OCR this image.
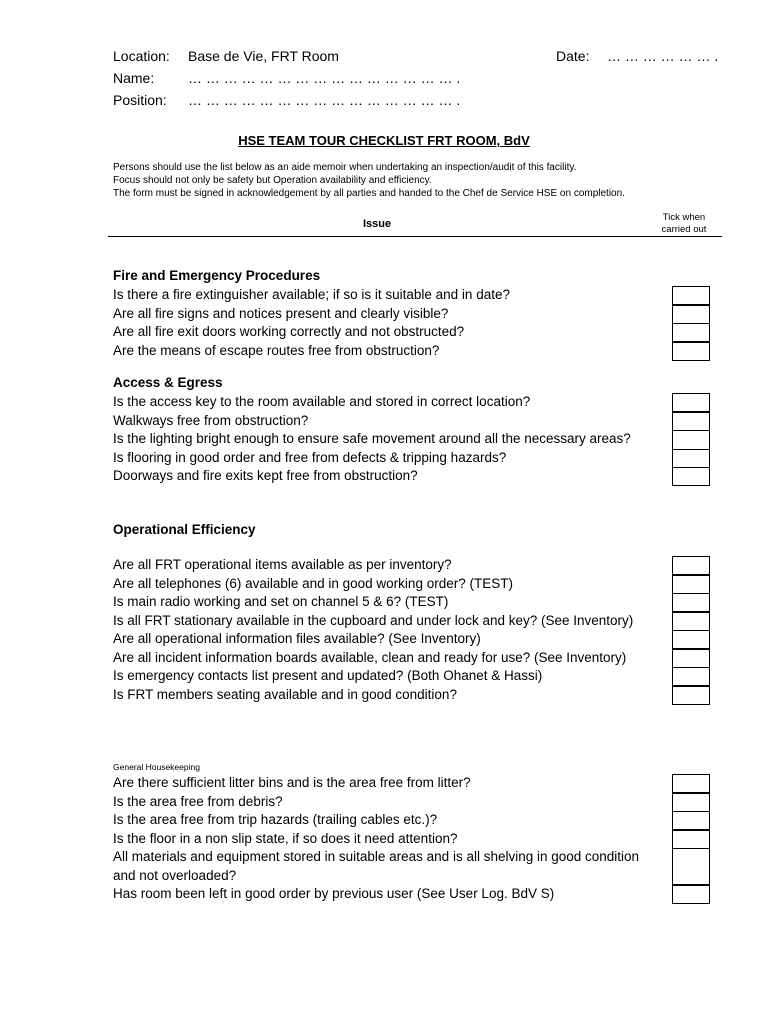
Location: Base de Vie, FRT Room	Date: … … … … … … .
Name: … … … … … … … … … … … … … … … .
Position: … … … … … … … … … … … … … … … .
HSE TEAM TOUR CHECKLIST FRT ROOM, BdV
Persons should use the list below as an aide memoir when undertaking an inspection/audit of this facility.
Focus should not only be safety but Operation availability and efficiency.
The form must be signed in acknowledgement by all parties and handed to the Chef de Service HSE on completion.
Issue
Tick when
carried out
Fire and Emergency Procedures
Is there a fire extinguisher available; if so is it suitable and in date?
Are all fire signs and notices present and clearly visible?
Are all fire exit doors working correctly and not obstructed?
Are the means of escape routes free from obstruction?
Access & Egress
Is the access key to the room available and stored in correct location?
Walkways free from obstruction?
Is the lighting bright enough to ensure safe movement around all the necessary areas?
Is flooring in good order and free from defects & tripping hazards?
Doorways and fire exits kept free from obstruction?
Operational Efficiency
Are all FRT operational items available as per inventory?
Are all telephones (6) available and in good working order? (TEST)
Is main radio working and set on channel 5 & 6? (TEST)
Is all FRT stationary available in the cupboard and under lock and key? (See Inventory)
Are all operational information files available? (See Inventory)
Are all incident information boards available, clean and ready for use? (See Inventory)
Is emergency contacts list present and updated? (Both Ohanet & Hassi)
Is FRT members seating available and in good condition?
General Housekeeping
Are there sufficient litter bins and is the area free from litter?
Is the area free from debris?
Is the area free from trip hazards (trailing cables etc.)?
Is the floor in a non slip state, if so does it need attention?
All materials and equipment stored in suitable areas and is all shelving in good condition and not overloaded?
Has room been left in good order by previous user (See User Log. BdV S)
